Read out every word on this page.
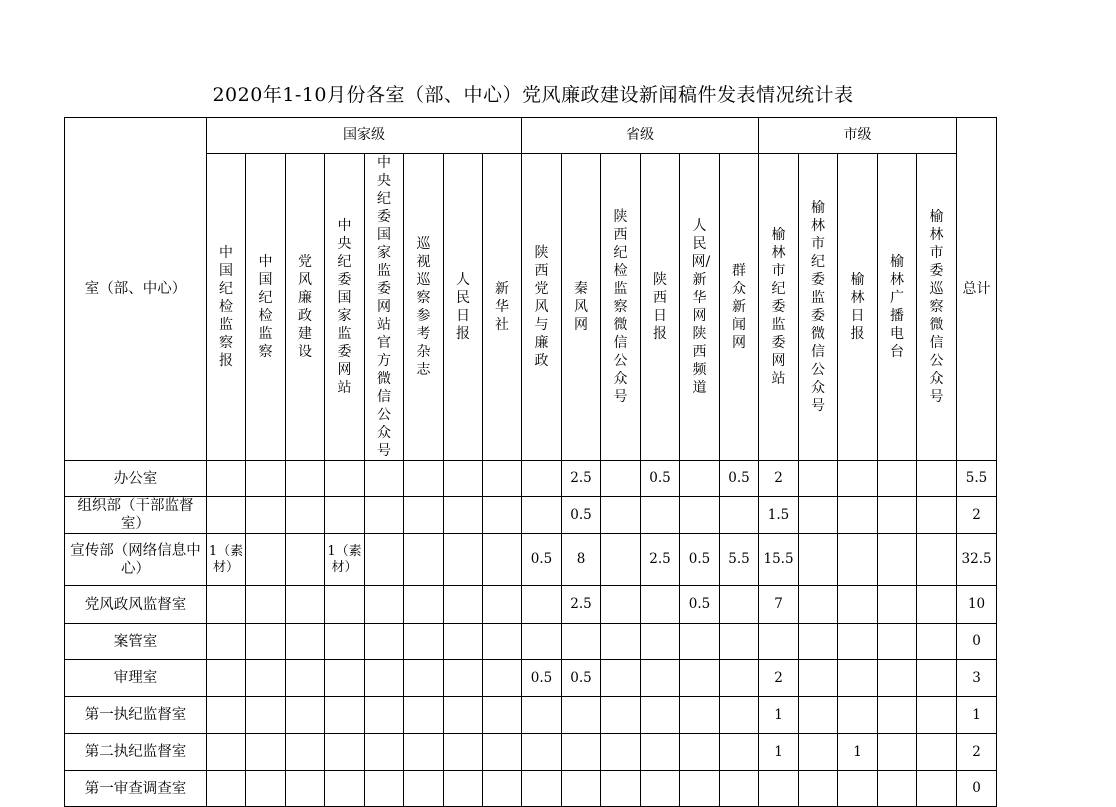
2020年1-10月份各室（部、中心）党风廉政建设新闻稿件发表情况统计表
室（部、中心）	国家级								省级						市级					总计
	中国纪检监察报	中国纪检监察	党风廉政建设	中央纪委国家监委网站	中央纪委国家监委网站官方微信公众号	巡视巡察参考杂志	人民日报	新华社	陕西党风与廉政	秦风网	陕西纪检监察微信公众号	陕西日报	人民网/新华网陕西频道	群众新闻网	榆林市纪委监委网站	榆林市纪委监委微信公众号	榆林日报	榆林广播电台	榆林市委巡察微信公众号	
办公室										2.5		0.5		0.5	2					5.5
组织部（干部监督室）										0.5					1.5					2
宣传部（网络信息中心）	1（素材）			1（素材）					0.5	8		2.5	0.5	5.5	15.5					32.5
党风政风监督室										2.5			0.5		7					10
案管室																				0
审理室									0.5	0.5					2					3
第一执纪监督室															1					1
第二执纪监督室															1		1			2
第一审查调查室																				0
